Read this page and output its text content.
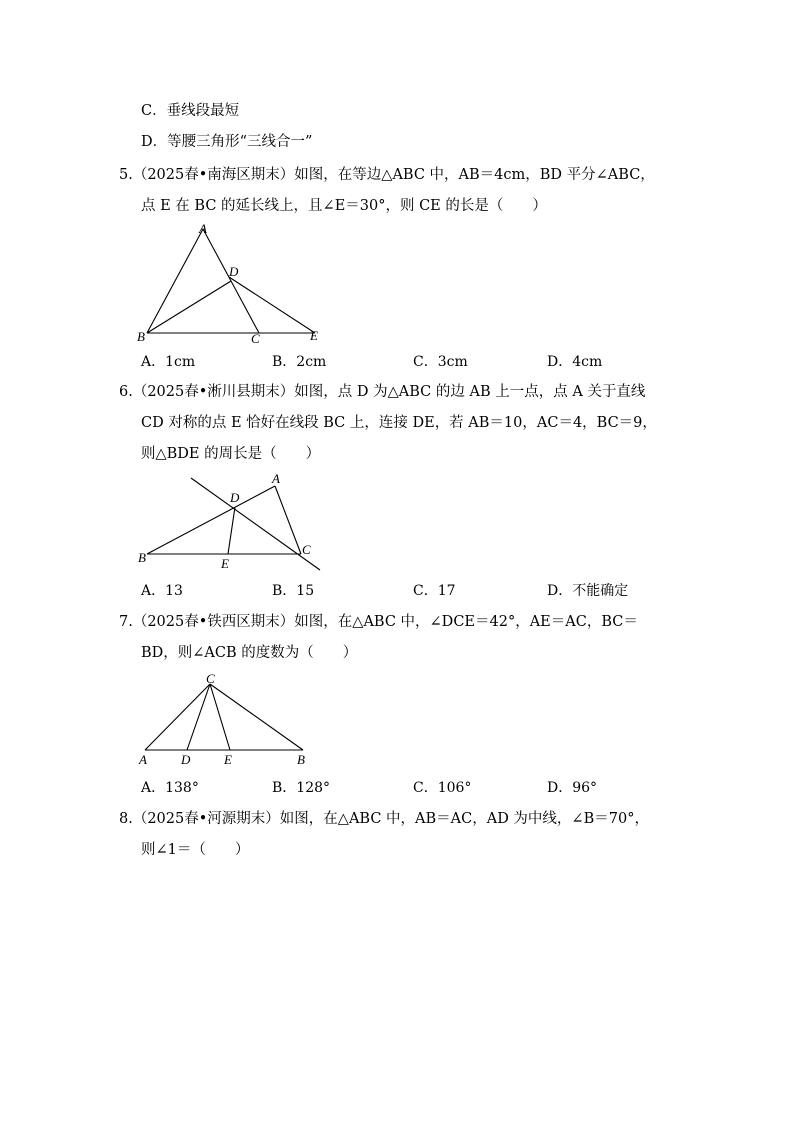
C．垂线段最短
D．等腰三角形“三线合一”
5.（2025春•南海区期末）如图，在等边△ABC 中，AB＝4cm，BD 平分∠ABC，
点 E 在 BC 的延长线上，且∠E＝30°，则 CE 的长是（　　）
A
B	C
D
E
A．1cm	B．2cm	C．3cm	D．4cm
6.（2025春•淅川县期末）如图，点 D 为△ABC 的边 AB 上一点，点 A 关于直线
CD 对称的点 E 恰好在线段 BC 上，连接 DE，若 AB＝10，AC＝4，BC＝9，
则△BDE 的周长是（　　）
A
B
C
D
E
A．13	B．15	C．17	D．不能确定
7.（2025春•铁西区期末）如图，在△ABC 中，∠DCE＝42°，AE＝AC，BC＝
BD，则∠ACB 的度数为（　　）
C
A	D	E	B
A．138°	B．128°	C．106°	D．96°
8.（2025春•河源期末）如图，在△ABC 中，AB＝AC，AD 为中线，∠B＝70°，
则∠1＝（　　）
